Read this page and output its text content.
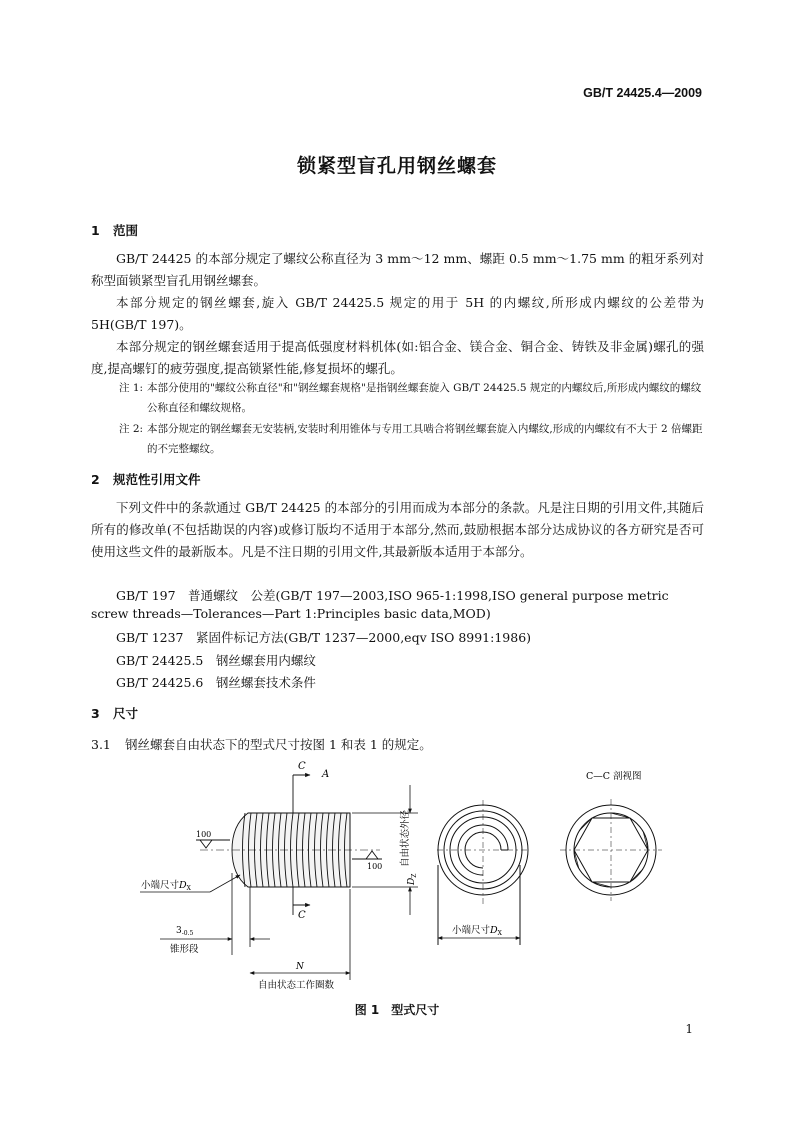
GB/T 24425.4—2009
锁紧型盲孔用钢丝螺套
1 范围
GB/T 24425 的本部分规定了螺纹公称直径为 3 mm～12 mm、螺距 0.5 mm～1.75 mm 的粗牙系列对称型面锁紧型盲孔用钢丝螺套。
本部分规定的钢丝螺套,旋入 GB/T 24425.5 规定的用于 5H 的内螺纹,所形成内螺纹的公差带为 5H(GB/T 197)。
本部分规定的钢丝螺套适用于提高低强度材料机体(如:铝合金、镁合金、铜合金、铸铁及非金属)螺孔的强度,提高螺钉的疲劳强度,提高锁紧性能,修复损坏的螺孔。
注 1: 本部分使用的"螺纹公称直径"和"钢丝螺套规格"是指钢丝螺套旋入 GB/T 24425.5 规定的内螺纹后,所形成内螺纹的螺纹公称直径和螺纹规格。
注 2: 本部分规定的钢丝螺套无安装柄,安装时利用锥体与专用工具啮合将钢丝螺套旋入内螺纹,形成的内螺纹有不大于 2 倍螺距的不完整螺纹。
2 规范性引用文件
下列文件中的条款通过 GB/T 24425 的本部分的引用而成为本部分的条款。凡是注日期的引用文件,其随后所有的修改单(不包括勘误的内容)或修订版均不适用于本部分,然而,鼓励根据本部分达成协议的各方研究是否可使用这些文件的最新版本。凡是不注日期的引用文件,其最新版本适用于本部分。
GB/T 197　普通螺纹　公差(GB/T 197—2003,ISO 965-1:1998,ISO general purpose metric
screw threads—Tolerances—Part 1:Principles basic data,MOD)
GB/T 1237　紧固件标记方法(GB/T 1237—2000,eqv ISO 8991:1986)
GB/T 24425.5　钢丝螺套用内螺纹
GB/T 24425.6　钢丝螺套技术条件
3 尺寸
3.1 钢丝螺套自由状态下的型式尺寸按图 1 和表 1 的规定。
C
C
A
100
100
$D_Z$
自由状态外径
小端尺寸$D_X$
$3_{-0.5}$
锥形段
N
自由状态工作圈数
小端尺寸$D_X$
C—C 剖视图
图 1　型式尺寸
1
